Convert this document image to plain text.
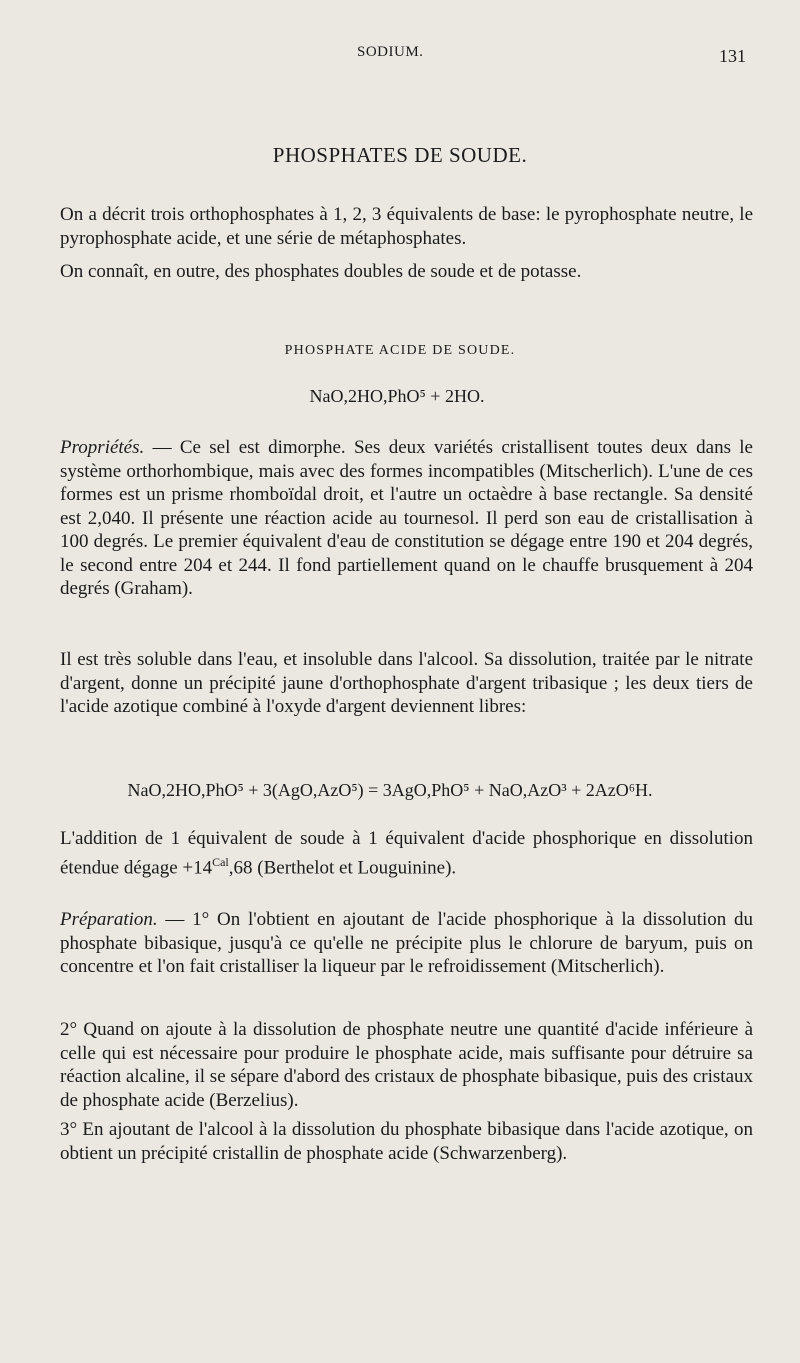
SODIUM.	131
PHOSPHATES DE SOUDE.

On a décrit trois orthophosphates à 1, 2, 3 équivalents de base: le pyrophosphate neutre, le pyrophosphate acide, et une série de métaphosphates.

On connaît, en outre, des phosphates doubles de soude et de potasse.

PHOSPHATE ACIDE DE SOUDE.
NaO,2HO,PhO⁵ + 2HO.

Propriétés. — Ce sel est dimorphe. Ses deux variétés cristallisent toutes deux dans le système orthorhombique, mais avec des formes incompatibles (Mitscherlich). L'une de ces formes est un prisme rhomboïdal droit, et l'autre un octaèdre à base rectangle. Sa densité est 2,040. Il présente une réaction acide au tournesol. Il perd son eau de cristallisation à 100 degrés. Le premier équivalent d'eau de constitution se dégage entre 190 et 204 degrés, le second entre 204 et 244. Il fond partiellement quand on le chauffe brusquement à 204 degrés (Graham).

Il est très soluble dans l'eau, et insoluble dans l'alcool. Sa dissolution, traitée par le nitrate d'argent, donne un précipité jaune d'orthophosphate d'argent tribasique ; les deux tiers de l'acide azotique combiné à l'oxyde d'argent deviennent libres:

NaO,2HO,PhO⁵ + 3(AgO,AzO⁵) = 3AgO,PhO⁵ + NaO,AzO³ + 2AzO⁶H.

L'addition de 1 équivalent de soude à 1 équivalent d'acide phosphorique en dissolution étendue dégage $+14^{Cal},68$ (Berthelot et Louguinine).

Préparation. — 1° On l'obtient en ajoutant de l'acide phosphorique à la dissolution du phosphate bibasique, jusqu'à ce qu'elle ne précipite plus le chlorure de baryum, puis on concentre et l'on fait cristalliser la liqueur par le refroidissement (Mitscherlich).

2° Quand on ajoute à la dissolution de phosphate neutre une quantité d'acide inférieure à celle qui est nécessaire pour produire le phosphate acide, mais suffisante pour détruire sa réaction alcaline, il se sépare d'abord des cristaux de phosphate bibasique, puis des cristaux de phosphate acide (Berzelius).

3° En ajoutant de l'alcool à la dissolution du phosphate bibasique dans l'acide azotique, on obtient un précipité cristallin de phosphate acide (Schwarzenberg).
